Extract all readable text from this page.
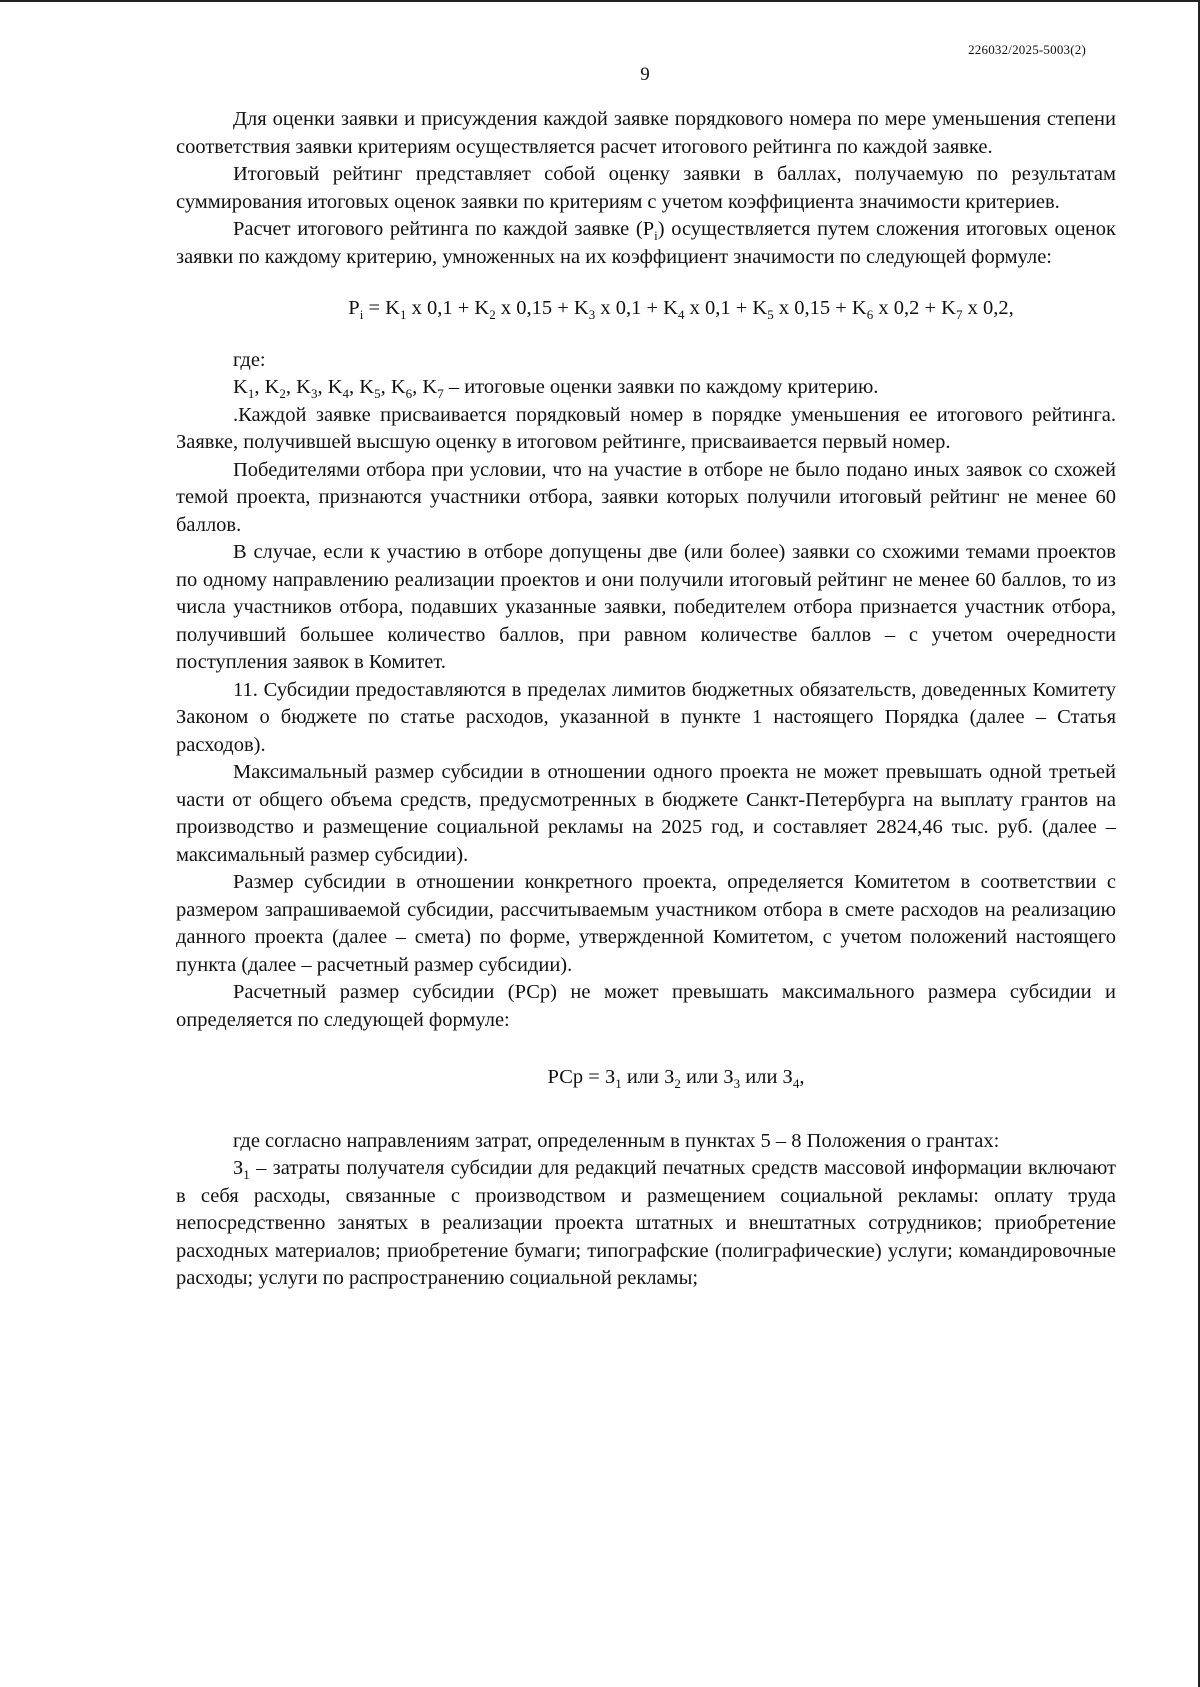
226032/2025-5003(2)
9

Для оценки заявки и присуждения каждой заявке порядкового номера по мере уменьшения степени соответствия заявки критериям осуществляется расчет итогового рейтинга по каждой заявке.

Итоговый рейтинг представляет собой оценку заявки в баллах, получаемую по результатам суммирования итоговых оценок заявки по критериям с учетом коэффициента значимости критериев.

Расчет итогового рейтинга по каждой заявке $(P_i)$ осуществляется путем сложения итоговых оценок заявки по каждому критерию, умноженных на их коэффициент значимости по следующей формуле:

$P_i = K_1$ x $0,1 + K_2$ x $0,15 + K_3$ x $0,1 + K_4$ x $0,1 + K_5$ x $0,15 + K_6$ x $0,2 + K_7$ x 0,2,

где:

$K_1$, $K_2$, $K_3$, $K_4$, $K_5$, $K_6$, $K_7$ – итоговые оценки заявки по каждому критерию.

.Каждой заявке присваивается порядковый номер в порядке уменьшения ее итогового рейтинга. Заявке, получившей высшую оценку в итоговом рейтинге, присваивается первый номер.

Победителями отбора при условии, что на участие в отборе не было подано иных заявок со схожей темой проекта, признаются участники отбора, заявки которых получили итоговый рейтинг не менее 60 баллов.

В случае, если к участию в отборе допущены две (или более) заявки со схожими темами проектов по одному направлению реализации проектов и они получили итоговый рейтинг не менее 60 баллов, то из числа участников отбора, подавших указанные заявки, победителем отбора признается участник отбора, получивший большее количество баллов, при равном количестве баллов – с учетом очередности поступления заявок в Комитет.

11. Субсидии предоставляются в пределах лимитов бюджетных обязательств, доведенных Комитету Законом о бюджете по статье расходов, указанной в пункте 1 настоящего Порядка (далее – Статья расходов).

Максимальный размер субсидии в отношении одного проекта не может превышать одной третьей части от общего объема средств, предусмотренных в бюджете Санкт-Петербурга на выплату грантов на производство и размещение социальной рекламы на 2025 год, и составляет 2824,46 тыс. руб. (далее – максимальный размер субсидии).

Размер субсидии в отношении конкретного проекта, определяется Комитетом в соответствии с размером запрашиваемой субсидии, рассчитываемым участником отбора в смете расходов на реализацию данного проекта (далее – смета) по форме, утвержденной Комитетом, с учетом положений настоящего пункта (далее – расчетный размер субсидии).

Расчетный размер субсидии (РСр) не может превышать максимального размера субсидии и определяется по следующей формуле:

РСр = $З_1$ или $З_2$ или $З_3$ или $З_4$,

где согласно направлениям затрат, определенным в пунктах 5 – 8 Положения о грантах:

$З_1$ – затраты получателя субсидии для редакций печатных средств массовой информации включают в себя расходы, связанные с производством и размещением социальной рекламы: оплату труда непосредственно занятых в реализации проекта штатных и внештатных сотрудников; приобретение расходных материалов; приобретение бумаги; типографские (полиграфические) услуги; командировочные расходы; услуги по распространению социальной рекламы;
